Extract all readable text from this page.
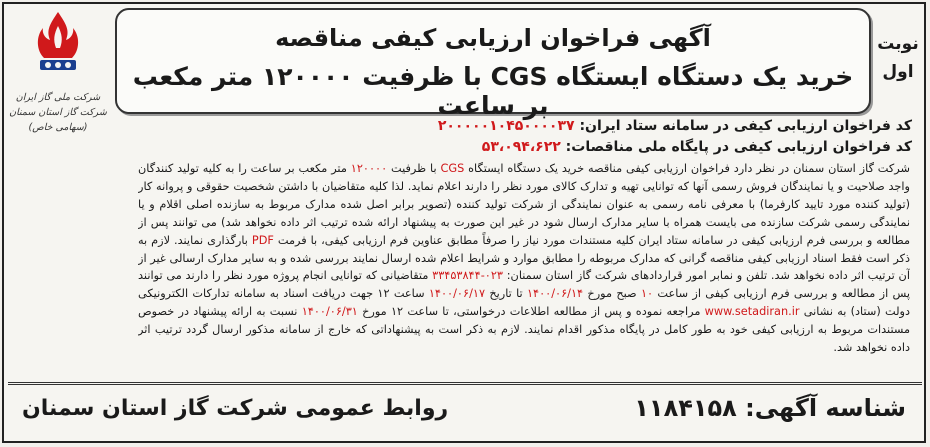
شرکت ملی گاز ایران
شرکت گاز استان سمنان
(سهامی خاص)
آگهی فراخوان ارزیابی کیفی مناقصه
خرید یک دستگاه ایستگاه CGS با ظرفیت ۱۲۰۰۰۰ متر مکعب بر ساعت
نوبت
اول
کد فراخوان ارزیابی کیفی در سامانه ستاد ایران: ۲۰۰۰۰۰۱۰۴۵۰۰۰۰۳۷
کد فراخوان ارزیابی کیفی در پایگاه ملی مناقصات: ۵۳،۰۹۴،۶۲۲

شرکت گاز استان سمنان در نظر دارد فراخوان ارزیابی کیفی مناقصه خرید یک دستگاه ایستگاه CGS با ظرفیت ۱۲۰۰۰۰ متر مکعب بر ساعت را به کلیه تولید کنندگان واجد صلاحیت و یا نمایندگان فروش رسمی آنها که توانایی تهیه و تدارک کالای مورد نظر را دارند اعلام نماید. لذا کلیه متقاضیان با داشتن شخصیت حقوقی و پروانه کار (تولید کننده مورد تایید کارفرما) با معرفی نامه رسمی به عنوان نمایندگی از شرکت تولید کننده (تصویر برابر اصل شده مدارک مربوط به سازنده اصلی اقلام و یا نمایندگی رسمی شرکت سازنده می بایست همراه با سایر مدارک ارسال شود در غیر این صورت به پیشنهاد ارائه شده ترتیب اثر داده نخواهد شد) می توانند پس از مطالعه و بررسی فرم ارزیابی کیفی در سامانه ستاد ایران کلیه مستندات مورد نیاز را صرفاً مطابق عناوین فرم ارزیابی کیفی، با فرمت PDF بارگذاری نمایند. لازم به ذکر است فقط اسناد ارزیابی کیفی مناقصه گرانی که مدارک مربوطه را مطابق موارد و شرایط اعلام شده ارسال نمایند بررسی شده و به سایر مدارک ارسالی غیر از آن ترتیب اثر داده نخواهد شد. تلفن و نمابر امور قراردادهای شرکت گاز استان سمنان: ۰۲۳-۳۳۴۵۳۸۴۴ متقاضیانی که توانایی انجام پروژه مورد نظر را دارند می توانند پس از مطالعه و بررسی فرم ارزیابی کیفی از ساعت ۱۰ صبح مورخ ۱۴۰۰/۰۶/۱۴ تا تاریخ ۱۴۰۰/۰۶/۱۷ ساعت ۱۲ جهت دریافت اسناد به سامانه تدارکات الکترونیکی دولت (ستاد) به نشانی www.setadiran.ir مراجعه نموده و پس از مطالعه اطلاعات درخواستی، تا ساعت ۱۲ مورخ ۱۴۰۰/۰۶/۳۱ نسبت به ارائه پیشنهاد در خصوص مستندات مربوط به ارزیابی کیفی خود به طور کامل در پایگاه مذکور اقدام نمایند. لازم به ذکر است به پیشنهاداتی که خارج از سامانه مذکور ارسال گردد ترتیب اثر داده نخواهد شد.

شناسه آگهی: ۱۱۸۴۱۵۸
روابط عمومی شرکت گاز استان سمنان
